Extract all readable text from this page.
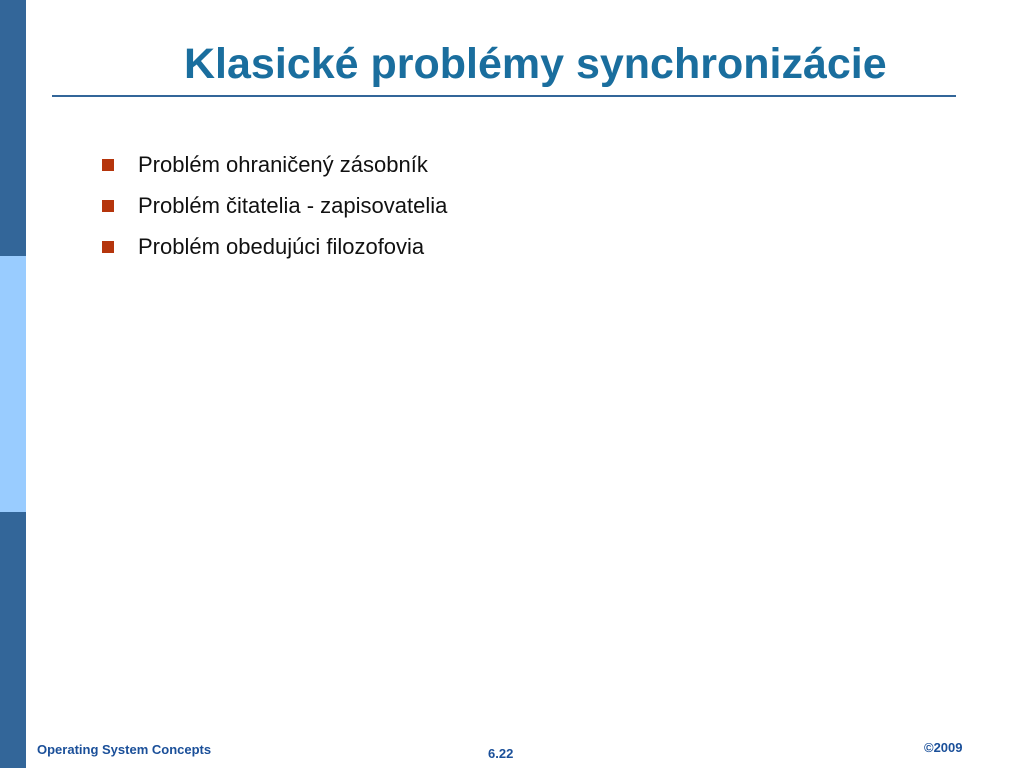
Klasické problémy synchronizácie
Problém ohraničený zásobník
Problém čitatelia - zapisovatelia
Problém obedujúci filozofovia
Operating System Concepts	6.22	©2009
